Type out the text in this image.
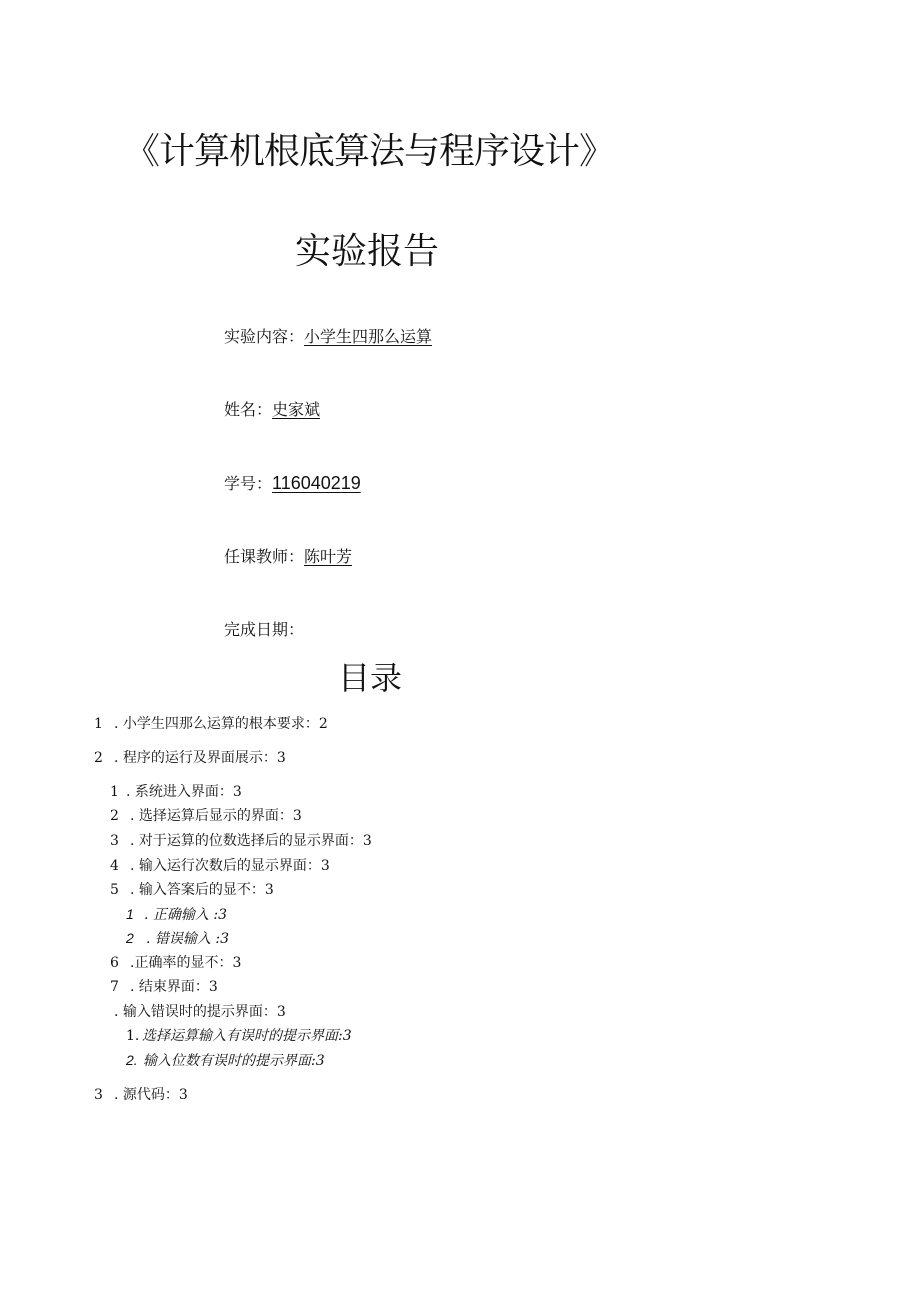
《计算机根底算法与程序设计》
实验报告
实验内容：小学生四那么运算
姓名：史家斌
学号：116040219
任课教师：陈叶芳
完成日期：
目录
1 . 小学生四那么运算的根本要求：2
2 . 程序的运行及界面展示：3
1 . 系统进入界面：3
2 . 选择运算后显示的界面：3
3 . 对于运算的位数选择后的显示界面：3
4 . 输入运行次数后的显示界面：3
5 . 输入答案后的显不：3
1 . 正确输入 :3
2 . 错误输入 :3
6 .正确率的显不：3
7 . 结束界面：3
. 输入错误时的提示界面：3
1. 选择运算输入有误时的提示界面:3
2. 输入位数有误时的提示界面:3
3 . 源代码：3
